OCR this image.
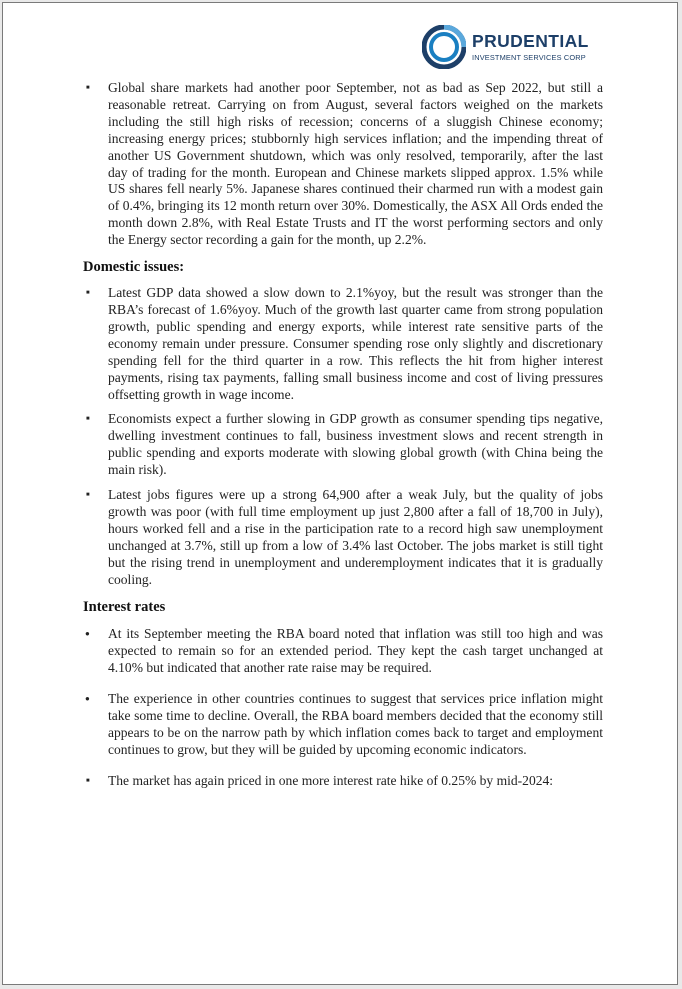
PRUDENTIAL
INVESTMENT SERVICES CORP
■ Global share markets had another poor September, not as bad as Sep 2022, but still a reasonable retreat. Carrying on from August, several factors weighed on the markets including the still high risks of recession; concerns of a sluggish Chinese economy; increasing energy prices; stubbornly high services inflation; and the impending threat of another US Government shutdown, which was only resolved, temporarily, after the last day of trading for the month. European and Chinese markets slipped approx. 1.5% while US shares fell nearly 5%. Japanese shares continued their charmed run with a modest gain of 0.4%, bringing its 12 month return over 30%. Domestically, the ASX All Ords ended the month down 2.8%, with Real Estate Trusts and IT the worst performing sectors and only the Energy sector recording a gain for the month, up 2.2%.
Domestic issues:
■ Latest GDP data showed a slow down to 2.1%yoy, but the result was stronger than the RBA’s forecast of 1.6%yoy. Much of the growth last quarter came from strong population growth, public spending and energy exports, while interest rate sensitive parts of the economy remain under pressure. Consumer spending rose only slightly and discretionary spending fell for the third quarter in a row. This reflects the hit from higher interest payments, rising tax payments, falling small business income and cost of living pressures offsetting growth in wage income.
■ Economists expect a further slowing in GDP growth as consumer spending tips negative, dwelling investment continues to fall, business investment slows and recent strength in public spending and exports moderate with slowing global growth (with China being the main risk).
■ Latest jobs figures were up a strong 64,900 after a weak July, but the quality of jobs growth was poor (with full time employment up just 2,800 after a fall of 18,700 in July), hours worked fell and a rise in the participation rate to a record high saw unemployment unchanged at 3.7%, still up from a low of 3.4% last October. The jobs market is still tight but the rising trend in unemployment and underemployment indicates that it is gradually cooling.
Interest rates
● At its September meeting the RBA board noted that inflation was still too high and was expected to remain so for an extended period. They kept the cash target unchanged at 4.10% but indicated that another rate raise may be required.
● The experience in other countries continues to suggest that services price inflation might take some time to decline. Overall, the RBA board members decided that the economy still appears to be on the narrow path by which inflation comes back to target and employment continues to grow, but they will be guided by upcoming economic indicators.
■ The market has again priced in one more interest rate hike of 0.25% by mid-2024:
